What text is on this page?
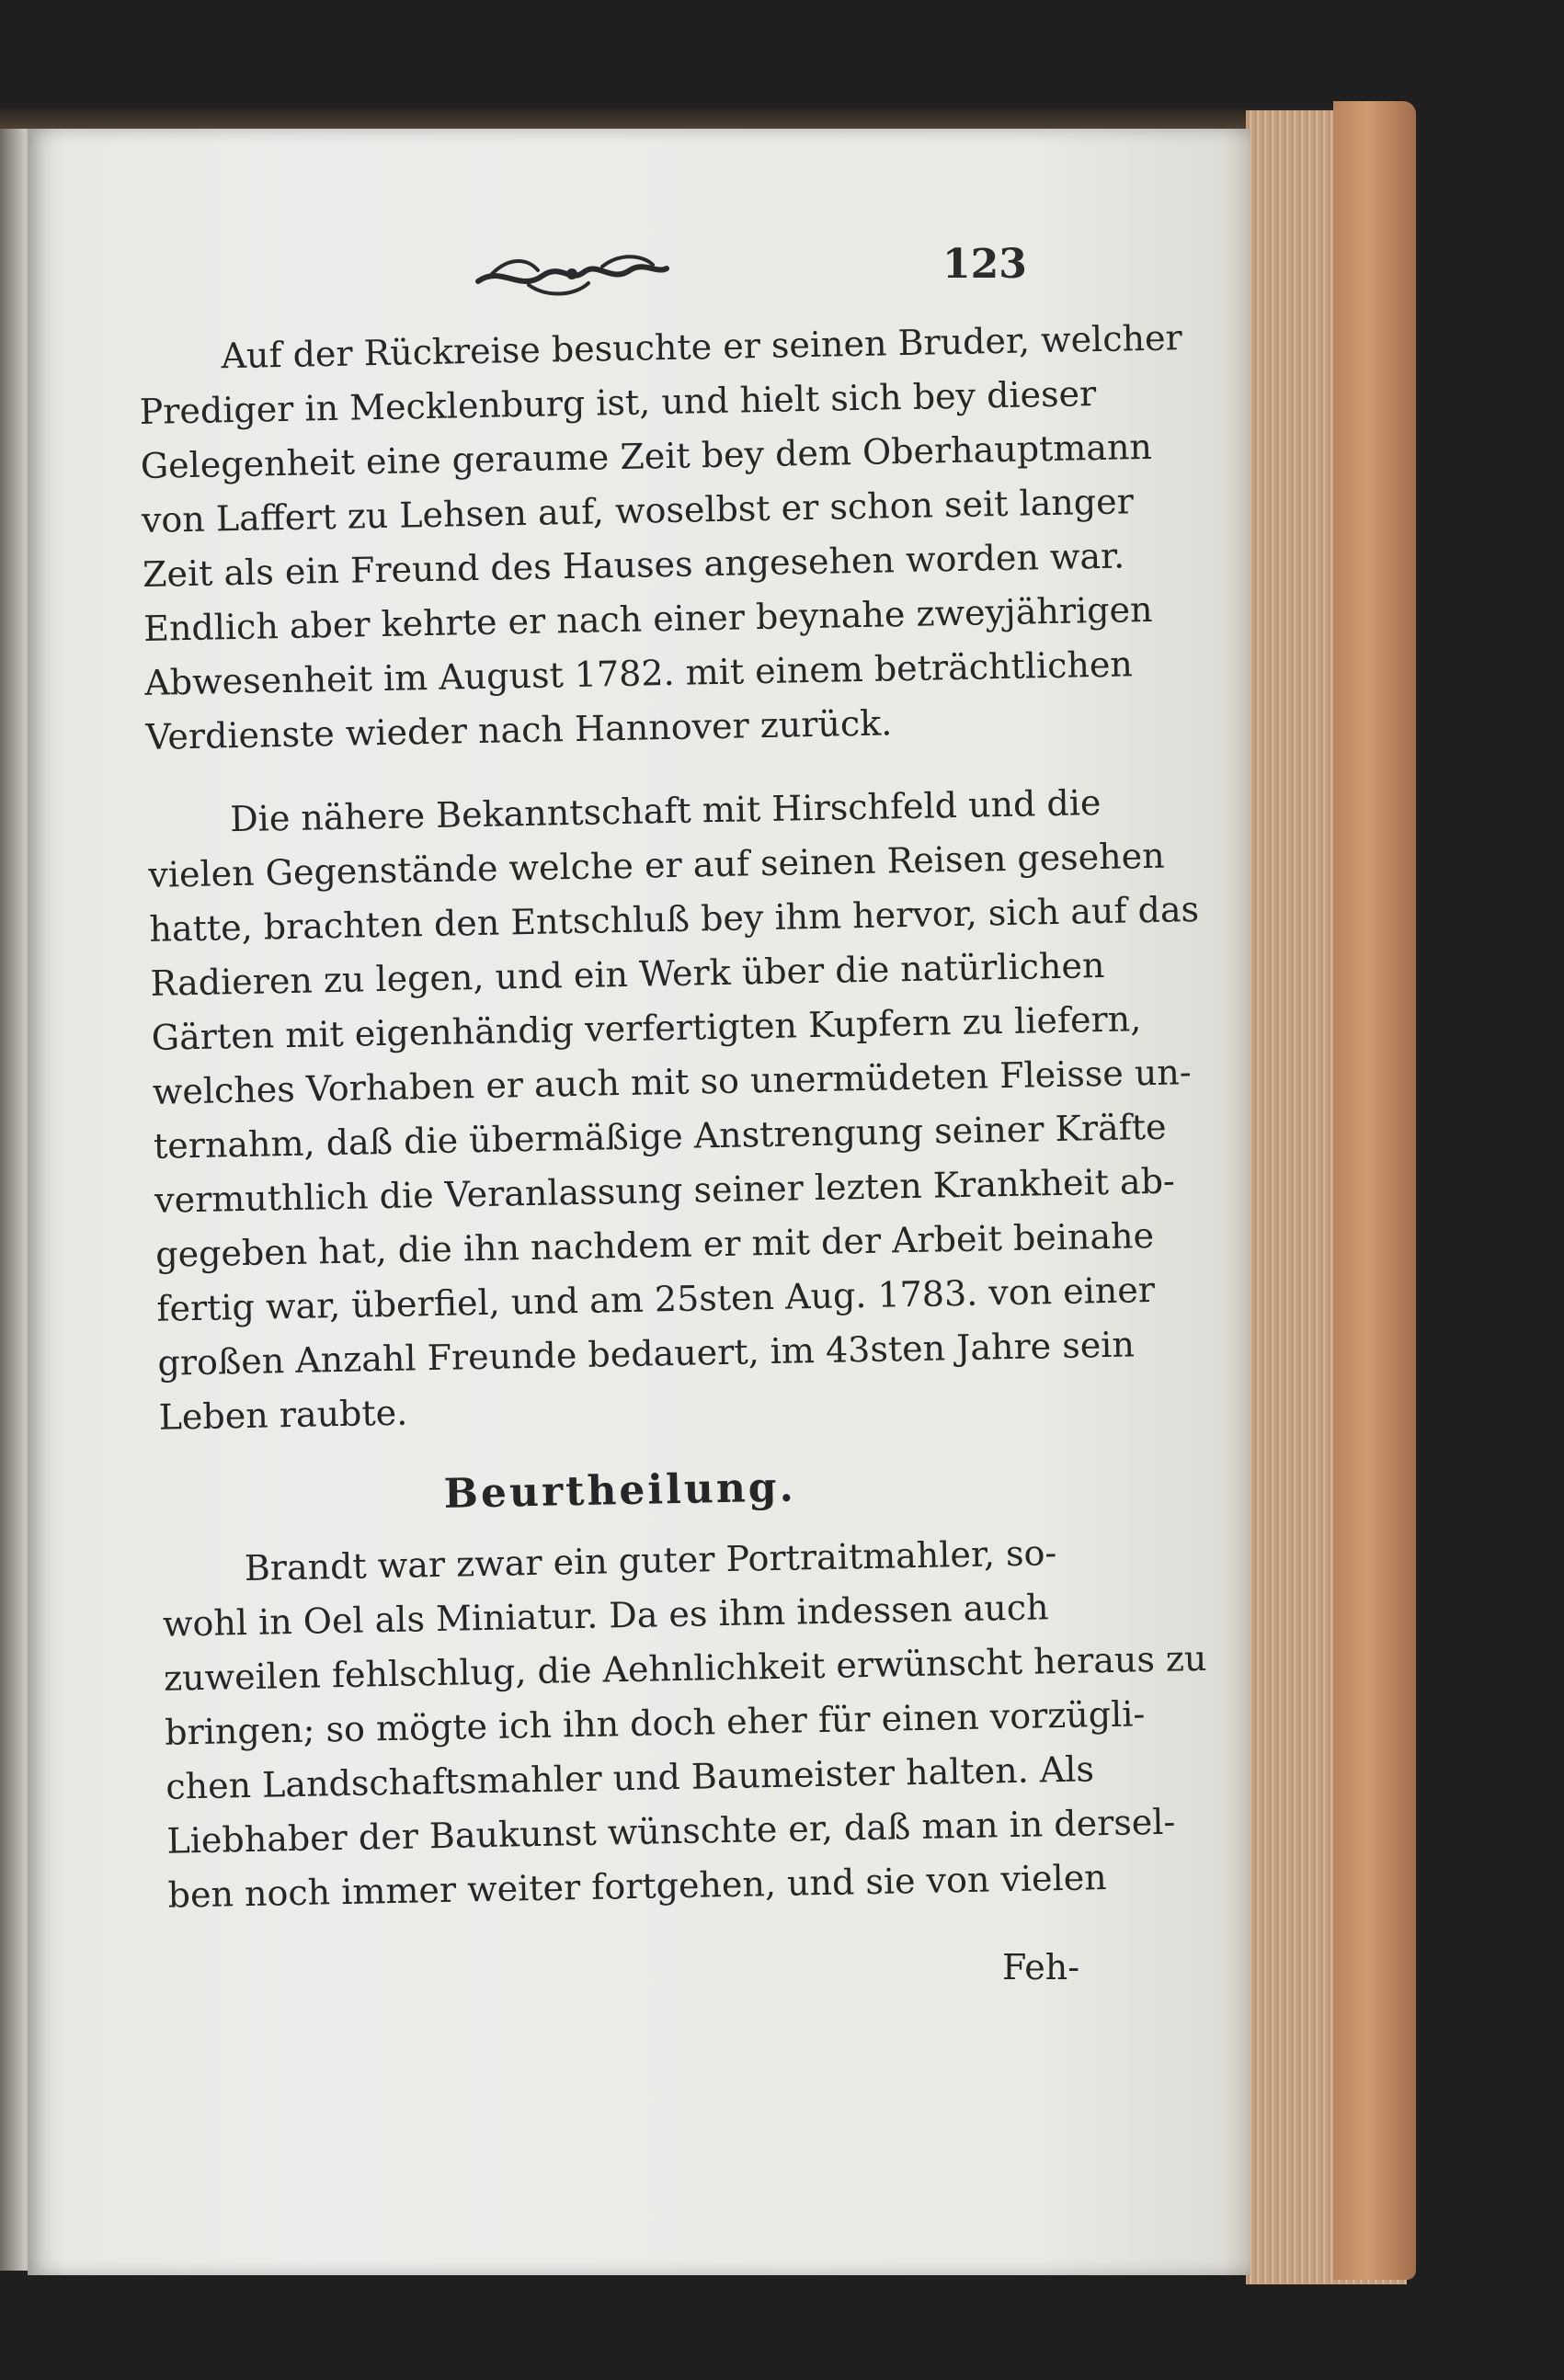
123
Auf der Rückreise besuchte er seinen Bruder, welcher
Prediger in Mecklenburg ist, und hielt sich bey dieser
Gelegenheit eine geraume Zeit bey dem Oberhauptmann
von Laffert zu Lehsen auf, woselbst er schon seit langer
Zeit als ein Freund des Hauses angesehen worden war.
Endlich aber kehrte er nach einer beynahe zweyjährigen
Abwesenheit im August 1782. mit einem beträchtlichen
Verdienste wieder nach Hannover zurück.
Die nähere Bekanntschaft mit Hirschfeld und die
vielen Gegenstände welche er auf seinen Reisen gesehen
hatte, brachten den Entschluß bey ihm hervor, sich auf das
Radieren zu legen, und ein Werk über die natürlichen
Gärten mit eigenhändig verfertigten Kupfern zu liefern,
welches Vorhaben er auch mit so unermüdeten Fleisse un-
ternahm, daß die übermäßige Anstrengung seiner Kräfte
vermuthlich die Veranlassung seiner lezten Krankheit ab-
gegeben hat, die ihn nachdem er mit der Arbeit beinahe
fertig war, überfiel, und am 25sten Aug. 1783. von einer
großen Anzahl Freunde bedauert, im 43sten Jahre sein
Leben raubte.
Beurtheilung.
Brandt war zwar ein guter Portraitmahler, so-
wohl in Oel als Miniatur. Da es ihm indessen auch
zuweilen fehlschlug, die Aehnlichkeit erwünscht heraus zu
bringen; so mögte ich ihn doch eher für einen vorzügli-
chen Landschaftsmahler und Baumeister halten. Als
Liebhaber der Baukunst wünschte er, daß man in dersel-
ben noch immer weiter fortgehen, und sie von vielen
Feh-
